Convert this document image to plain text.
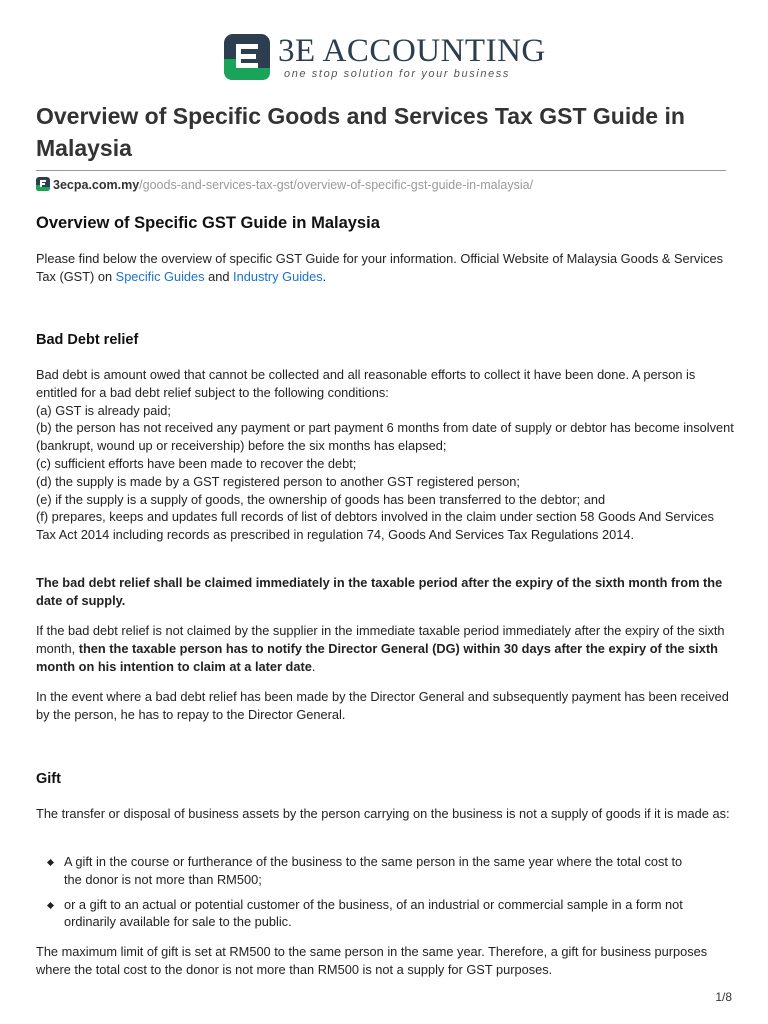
3E ACCOUNTING
one stop solution for your business
Overview of Specific Goods and Services Tax GST Guide in Malaysia
3ecpa.com.my/goods-and-services-tax-gst/overview-of-specific-gst-guide-in-malaysia/
Overview of Specific GST Guide in Malaysia

Please find below the overview of specific GST Guide for your information. Official Website of Malaysia Goods & Services Tax (GST) on Specific Guides and Industry Guides.

Bad Debt relief

Bad debt is amount owed that cannot be collected and all reasonable efforts to collect it have been done. A person is entitled for a bad debt relief subject to the following conditions:
(a) GST is already paid;
(b) the person has not received any payment or part payment 6 months from date of supply or debtor has become insolvent (bankrupt, wound up or receivership) before the six months has elapsed;
(c) sufficient efforts have been made to recover the debt;
(d) the supply is made by a GST registered person to another GST registered person;
(e) if the supply is a supply of goods, the ownership of goods has been transferred to the debtor; and
(f) prepares, keeps and updates full records of list of debtors involved in the claim under section 58 Goods And Services Tax Act 2014 including records as prescribed in regulation 74, Goods And Services Tax Regulations 2014.

The bad debt relief shall be claimed immediately in the taxable period after the expiry of the sixth month from the date of supply.

If the bad debt relief is not claimed by the supplier in the immediate taxable period immediately after the expiry of the sixth month, then the taxable person has to notify the Director General (DG) within 30 days after the expiry of the sixth month on his intention to claim at a later date.

In the event where a bad debt relief has been made by the Director General and subsequently payment has been received by the person, he has to repay to the Director General.

Gift

The transfer or disposal of business assets by the person carrying on the business is not a supply of goods if it is made as:

A gift in the course or furtherance of the business to the same person in the same year where the total cost to the donor is not more than RM500;
or a gift to an actual or potential customer of the business, of an industrial or commercial sample in a form not ordinarily available for sale to the public.

The maximum limit of gift is set at RM500 to the same person in the same year. Therefore, a gift for business purposes where the total cost to the donor is not more than RM500 is not a supply for GST purposes.

1/8
